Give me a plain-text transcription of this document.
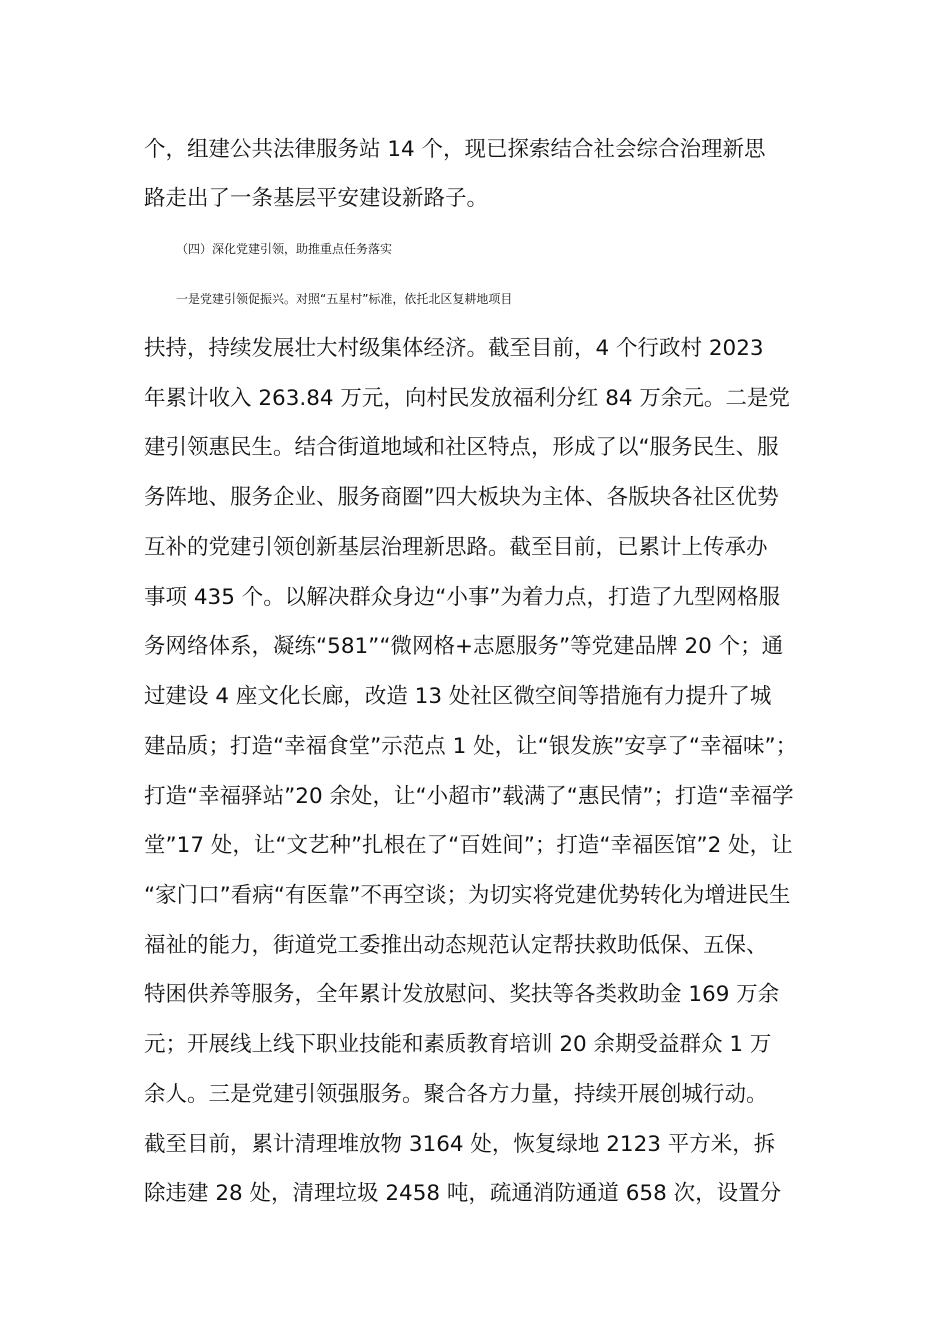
个，组建公共法律服务站 14 个，现已探索结合社会综合治理新思
路走出了一条基层平安建设新路子。
（四）深化党建引领，助推重点任务落实
一是党建引领促振兴。对照“五星村”标准，依托北区复耕地项目
扶持，持续发展壮大村级集体经济。截至目前，4 个行政村 2023
年累计收入 263.84 万元，向村民发放福利分红 84 万余元。二是党
建引领惠民生。结合街道地域和社区特点，形成了以“服务民生、服
务阵地、服务企业、服务商圈”四大板块为主体、各版块各社区优势
互补的党建引领创新基层治理新思路。截至目前，已累计上传承办
事项 435 个。以解决群众身边“小事”为着力点，打造了九型网格服
务网络体系，凝练“581”“微网格+志愿服务”等党建品牌 20 个；通
过建设 4 座文化长廊，改造 13 处社区微空间等措施有力提升了城
建品质；打造“幸福食堂”示范点 1 处，让“银发族”安享了“幸福味”；
打造“幸福驿站”20 余处，让“小超市”载满了“惠民情”；打造“幸福学
堂”17 处，让“文艺种”扎根在了“百姓间”；打造“幸福医馆”2 处，让
“家门口”看病“有医靠”不再空谈；为切实将党建优势转化为增进民生
福祉的能力，街道党工委推出动态规范认定帮扶救助低保、五保、
特困供养等服务，全年累计发放慰问、奖扶等各类救助金 169 万余
元；开展线上线下职业技能和素质教育培训 20 余期受益群众 1 万
余人。三是党建引领强服务。聚合各方力量，持续开展创城行动。
截至目前，累计清理堆放物 3164 处，恢复绿地 2123 平方米，拆
除违建 28 处，清理垃圾 2458 吨，疏通消防通道 658 次，设置分
